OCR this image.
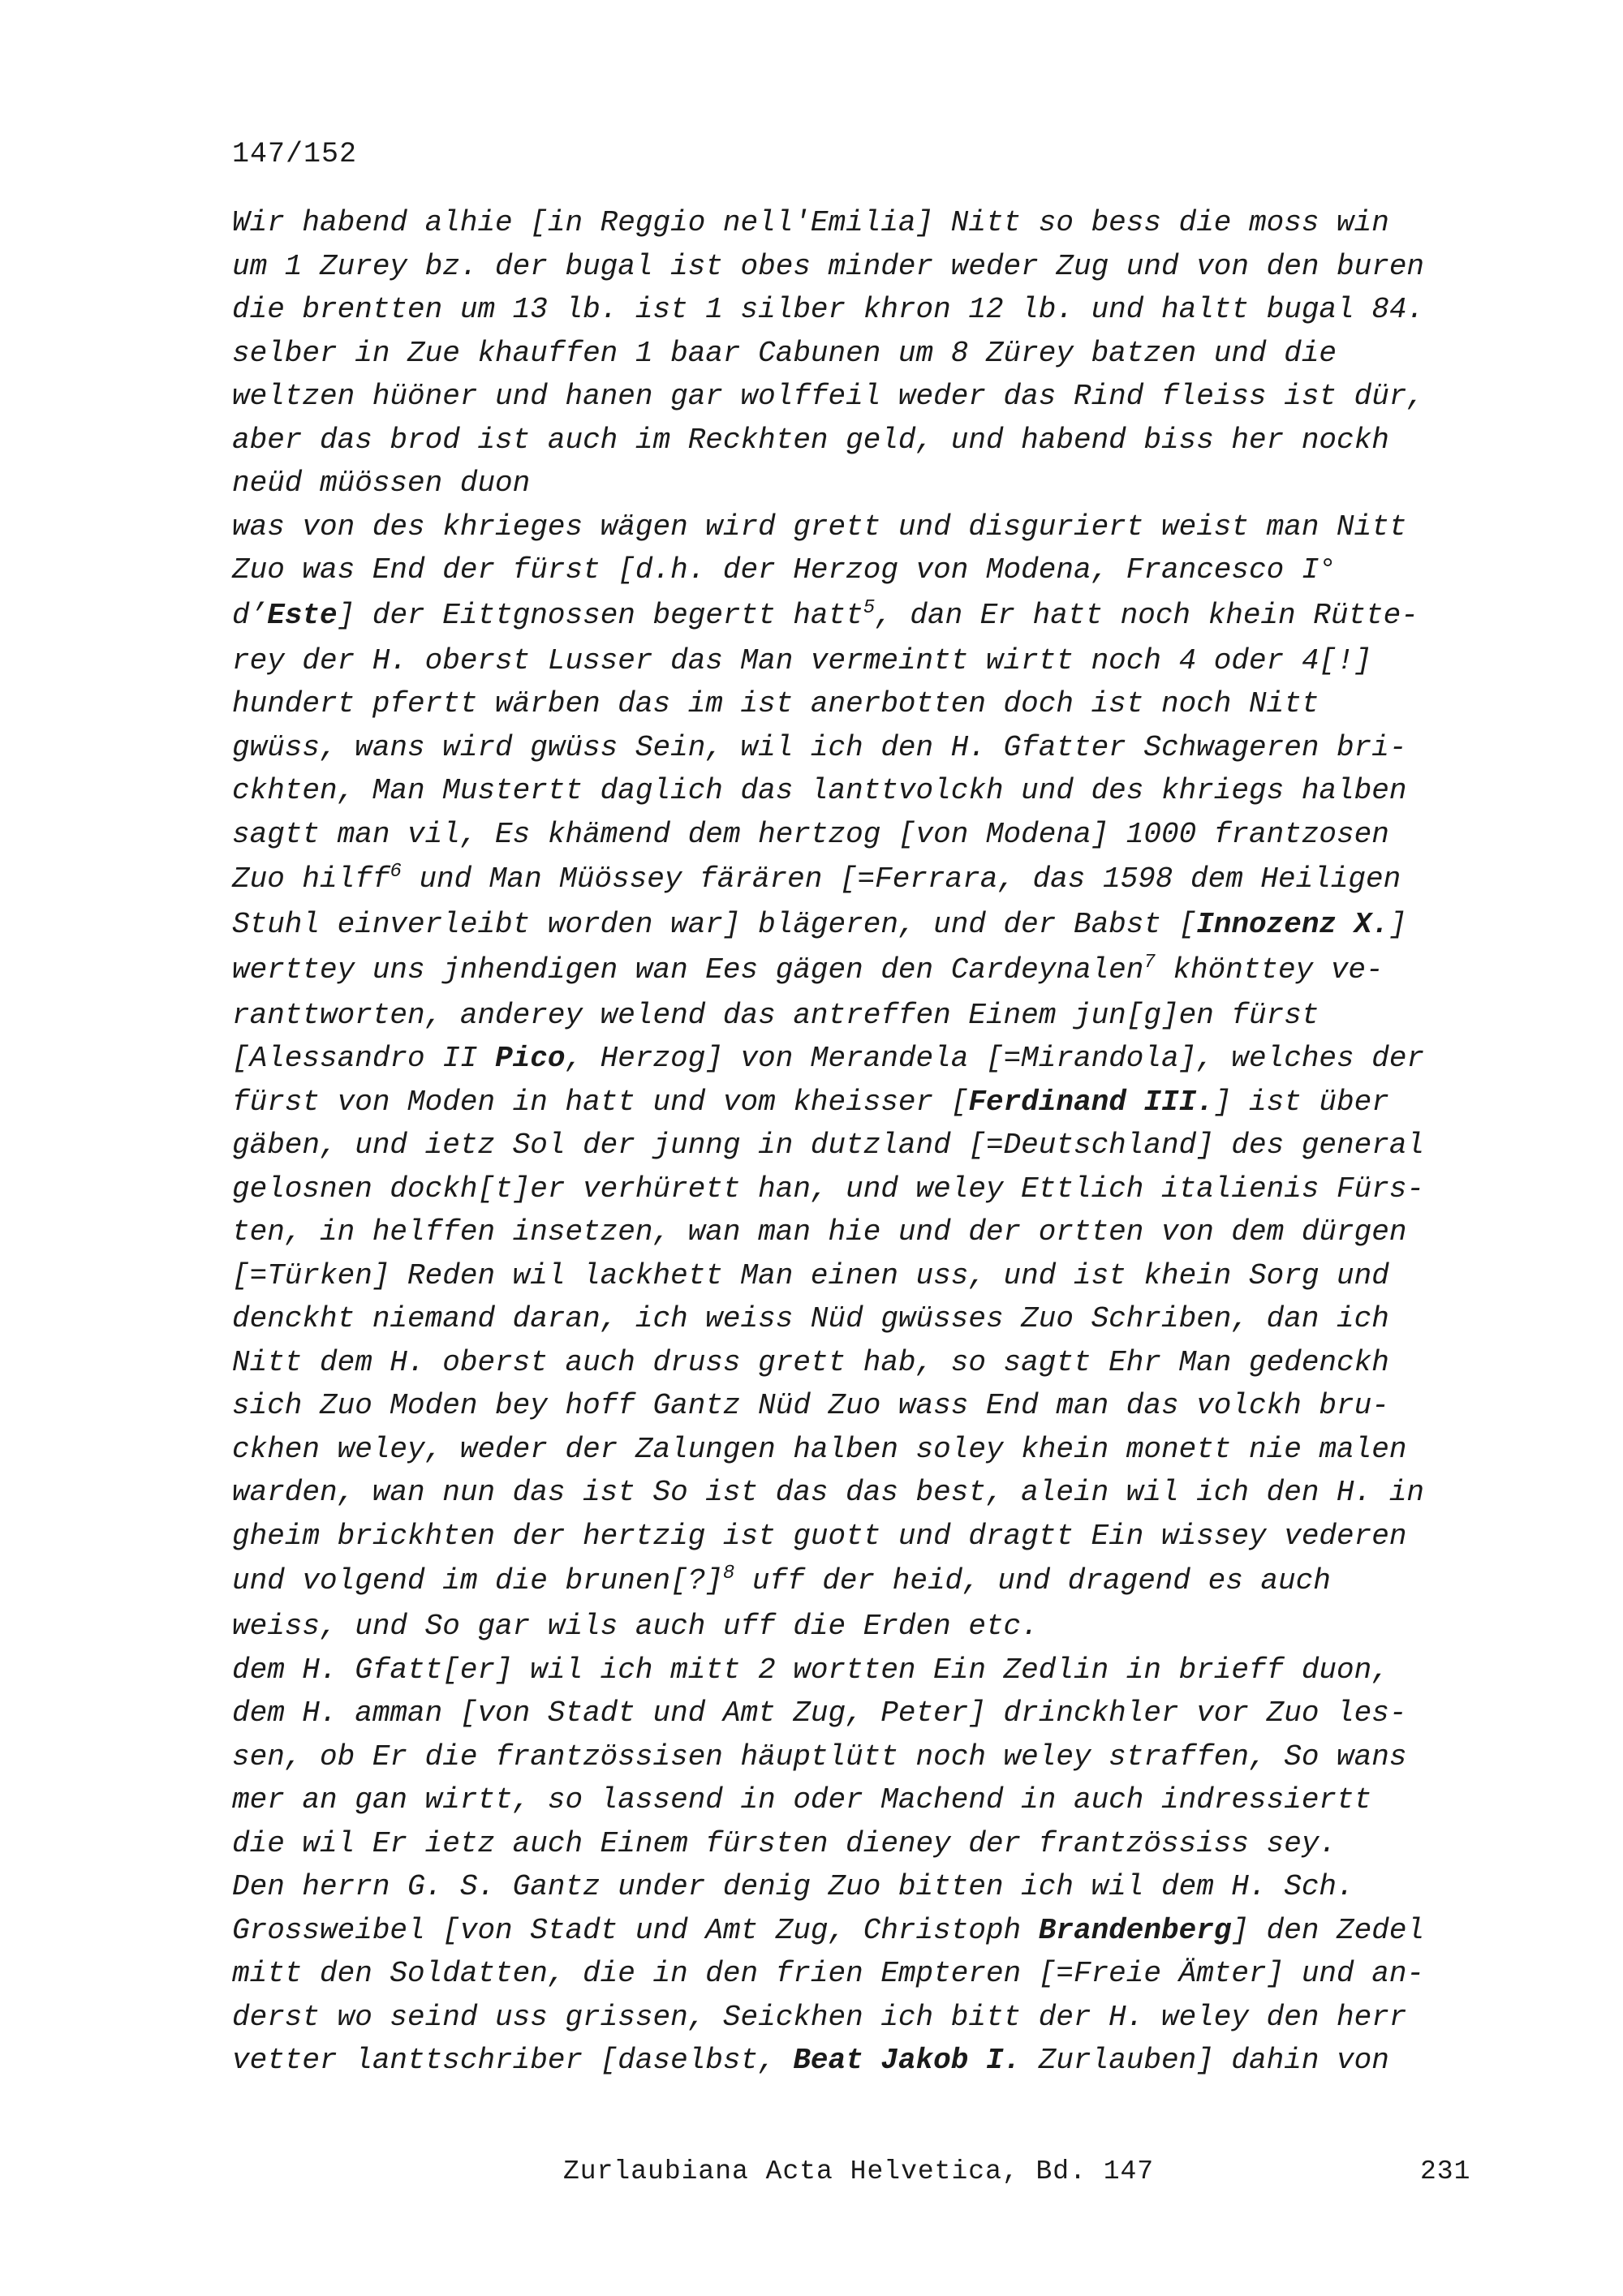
147/152
Wir habend alhie [in Reggio nell'Emilia] Nitt so bess die moss win
um 1 Zurey bz. der bugal ist obes minder weder Zug und von den buren
die brentten um 13 lb. ist 1 silber khron 12 lb. und haltt bugal 84.
selber in Zue khauffen 1 baar Cabunen um 8 Zürey batzen und die
weltzen hüöner und hanen gar wolffeil weder das Rind fleiss ist dür,
aber das brod ist auch im Reckhten geld, und habend biss her nockh
neüd müössen duon
was von des khrieges wägen wird grett und disguriert weist man Nitt
Zuo was End der fürst [d.h. der Herzog von Modena, Francesco I°
d’Este] der Eittgnossen begertt hatt$^5$, dan Er hatt noch khein Rütte-
rey der H. oberst Lusser das Man vermeintt wirtt noch 4 oder 4[!]
hundert pfertt wärben das im ist anerbotten doch ist noch Nitt
gwüss, wans wird gwüss Sein, wil ich den H. Gfatter Schwageren bri-
ckhten, Man Mustertt daglich das lanttvolckh und des khriegs halben
sagtt man vil, Es khämend dem hertzog [von Modena] 1000 frantzosen
Zuo hilff$^6$ und Man Müössey färären [=Ferrara, das 1598 dem Heiligen
Stuhl einverleibt worden war] blägeren, und der Babst [Innozenz X.]
werttey uns jnhendigen wan Ees gägen den Cardeynalen$^7$ khönttey ve-
ranttworten, anderey welend das antreffen Einem jun[g]en fürst
[Alessandro II Pico, Herzog] von Merandela [=Mirandola], welches der
fürst von Moden in hatt und vom kheisser [Ferdinand III.] ist über
gäben, und ietz Sol der junng in dutzland [=Deutschland] des general
gelosnen dockh[t]er verhürett han, und weley Ettlich italienis Fürs-
ten, in helffen insetzen, wan man hie und der ortten von dem dürgen
[=Türken] Reden wil lackhett Man einen uss, und ist khein Sorg und
denckht niemand daran, ich weiss Nüd gwüsses Zuo Schriben, dan ich
Nitt dem H. oberst auch druss grett hab, so sagtt Ehr Man gedenckh
sich Zuo Moden bey hoff Gantz Nüd Zuo wass End man das volckh bru-
ckhen weley, weder der Zalungen halben soley khein monett nie malen
warden, wan nun das ist So ist das das best, alein wil ich den H. in
gheim brickhten der hertzig ist guott und dragtt Ein wissey vederen
und volgend im die brunen[?]$^8$ uff der heid, und dragend es auch
weiss, und So gar wils auch uff die Erden etc.
dem H. Gfatt[er] wil ich mitt 2 wortten Ein Zedlin in brieff duon,
dem H. amman [von Stadt und Amt Zug, Peter] drinckhler vor Zuo les-
sen, ob Er die frantzössisen häuptlütt noch weley straffen, So wans
mer an gan wirtt, so lassend in oder Machend in auch indressiertt
die wil Er ietz auch Einem fürsten dieney der frantzössiss sey.
Den herrn G. S. Gantz under denig Zuo bitten ich wil dem H. Sch.
Grossweibel [von Stadt und Amt Zug, Christoph Brandenberg] den Zedel
mitt den Soldatten, die in den frien Empteren [=Freie Ämter] und an-
derst wo seind uss grissen, Seickhen ich bitt der H. weley den herr
vetter lanttschriber [daselbst, Beat Jakob I. Zurlauben] dahin von
Zurlaubiana Acta Helvetica, Bd. 147	231
